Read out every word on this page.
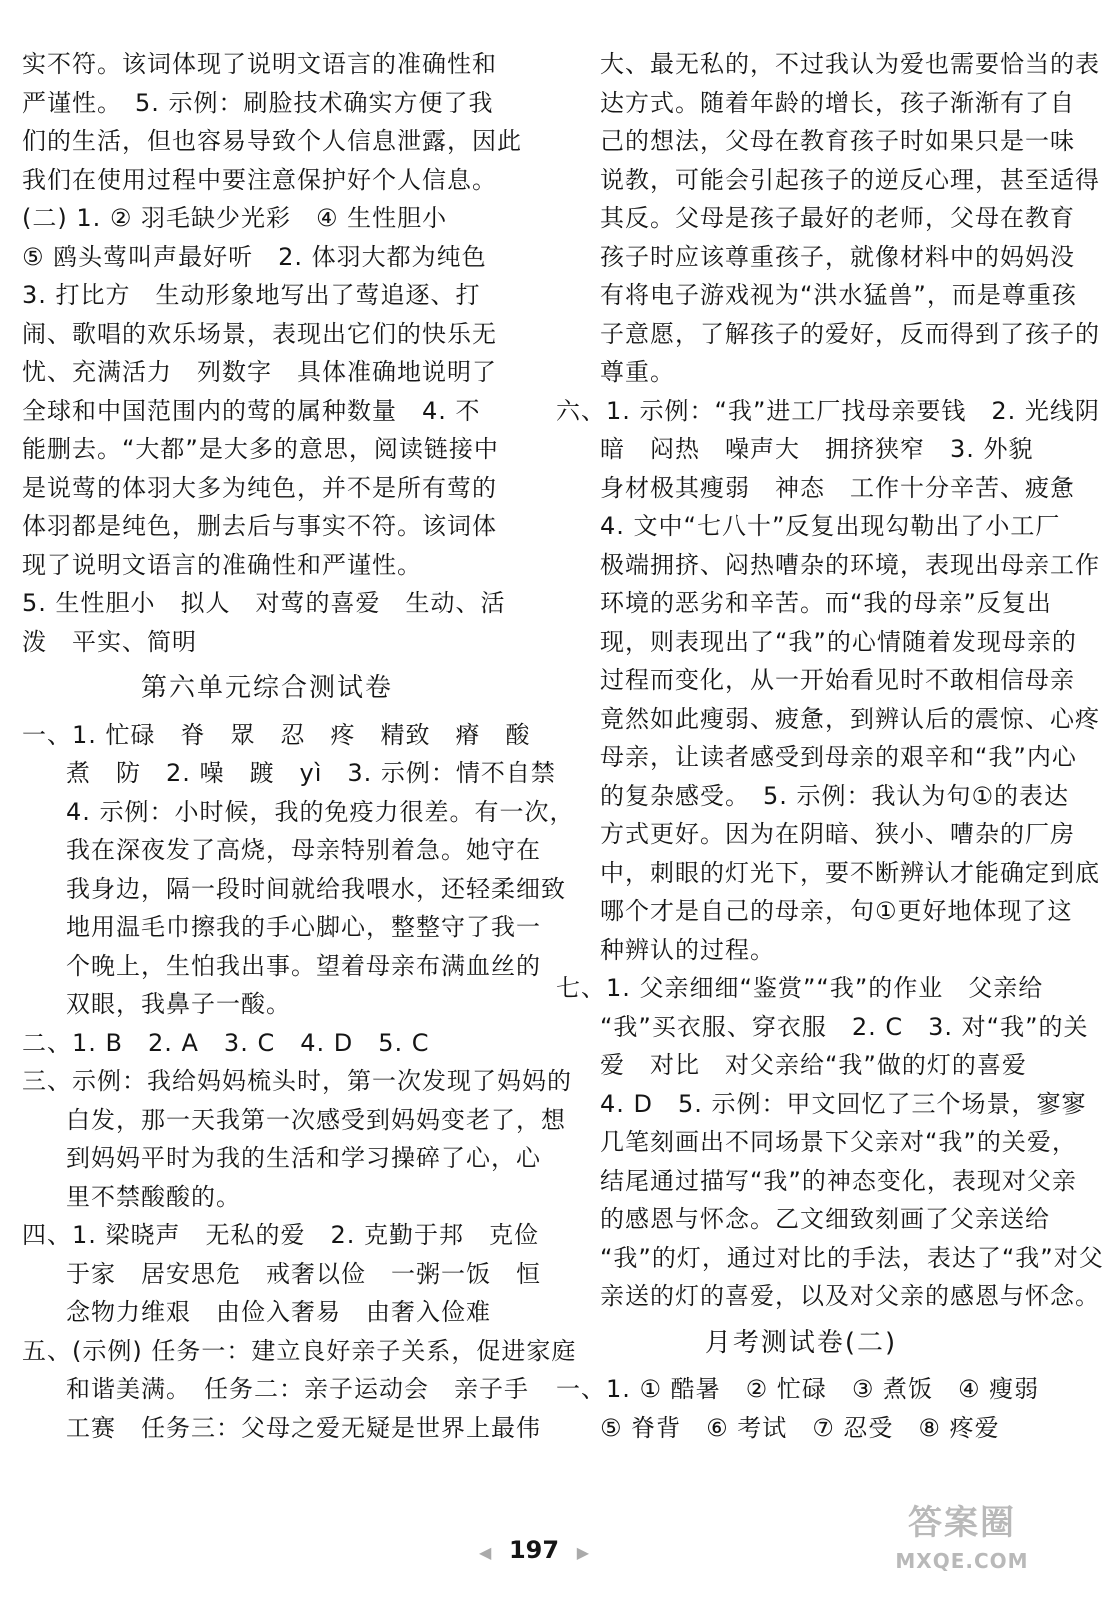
实不符。该词体现了说明文语言的准确性和
严谨性。　5. 示例：刷脸技术确实方便了我
们的生活，但也容易导致个人信息泄露，因此
我们在使用过程中要注意保护好个人信息。
(二) 1. ② 羽毛缺少光彩　④ 生性胆小
⑤ 鸥头莺叫声最好听　2. 体羽大都为纯色
3. 打比方　生动形象地写出了莺追逐、打
闹、歌唱的欢乐场景，表现出它们的快乐无
忧、充满活力　列数字　具体准确地说明了
全球和中国范围内的莺的属种数量　4. 不
能删去。“大都”是大多的意思，阅读链接中
是说莺的体羽大多为纯色，并不是所有莺的
体羽都是纯色，删去后与事实不符。该词体
现了说明文语言的准确性和严谨性。
5. 生性胆小　拟人　对莺的喜爱　生动、活
泼　平实、简明
第六单元综合测试卷
一、1. 忙碌　脊　眾　忍　疼　精致　瘠　酸
煮　防　2. 噪　踱　yì　3. 示例：情不自禁
4. 示例：小时候，我的免疫力很差。有一次，
我在深夜发了高烧，母亲特别着急。她守在
我身边，隔一段时间就给我喂水，还轻柔细致
地用温毛巾擦我的手心脚心，整整守了我一
个晚上，生怕我出事。望着母亲布满血丝的
双眼，我鼻子一酸。
二、1. B　2. A　3. C　4. D　5. C
三、示例：我给妈妈梳头时，第一次发现了妈妈的
白发，那一天我第一次感受到妈妈变老了，想
到妈妈平时为我的生活和学习操碎了心，心
里不禁酸酸的。
四、1. 梁晓声　无私的爱　2. 克勤于邦　克俭
于家　居安思危　戒奢以俭　一粥一饭　恒
念物力维艰　由俭入奢易　由奢入俭难
五、(示例) 任务一：建立良好亲子关系，促进家庭
和谐美满。　任务二：亲子运动会　亲子手
工赛　任务三：父母之爱无疑是世界上最伟
大、最无私的，不过我认为爱也需要恰当的表
达方式。随着年龄的增长，孩子渐渐有了自
己的想法，父母在教育孩子时如果只是一味
说教，可能会引起孩子的逆反心理，甚至适得
其反。父母是孩子最好的老师，父母在教育
孩子时应该尊重孩子，就像材料中的妈妈没
有将电子游戏视为“洪水猛兽”，而是尊重孩
子意愿，了解孩子的爱好，反而得到了孩子的
尊重。
六、1. 示例：“我”进工厂找母亲要钱　2. 光线阴
暗　闷热　噪声大　拥挤狭窄　3. 外貌
身材极其瘦弱　神态　工作十分辛苦、疲惫
4. 文中“七八十”反复出现勾勒出了小工厂
极端拥挤、闷热嘈杂的环境，表现出母亲工作
环境的恶劣和辛苦。而“我的母亲”反复出
现，则表现出了“我”的心情随着发现母亲的
过程而变化，从一开始看见时不敢相信母亲
竟然如此瘦弱、疲惫，到辨认后的震惊、心疼
母亲，让读者感受到母亲的艰辛和“我”内心
的复杂感受。　5. 示例：我认为句①的表达
方式更好。因为在阴暗、狭小、嘈杂的厂房
中，刺眼的灯光下，要不断辨认才能确定到底
哪个才是自己的母亲，句①更好地体现了这
种辨认的过程。
七、1. 父亲细细“鉴赏”“我”的作业　父亲给
“我”买衣服、穿衣服　2. C　3. 对“我”的关
爱　对比　对父亲给“我”做的灯的喜爱
4. D　5. 示例：甲文回忆了三个场景，寥寥
几笔刻画出不同场景下父亲对“我”的关爱，
结尾通过描写“我”的神态变化，表现对父亲
的感恩与怀念。乙文细致刻画了父亲送给
“我”的灯，通过对比的手法，表达了“我”对父
亲送的灯的喜爱，以及对父亲的感恩与怀念。
月考测试卷(二)
一、1. ① 酷暑　② 忙碌　③ 煮饭　④ 瘦弱
⑤ 脊背　⑥ 考试　⑦ 忍受　⑧ 疼爱
◀ 197 ▶
答案圈
MXQE.COM
